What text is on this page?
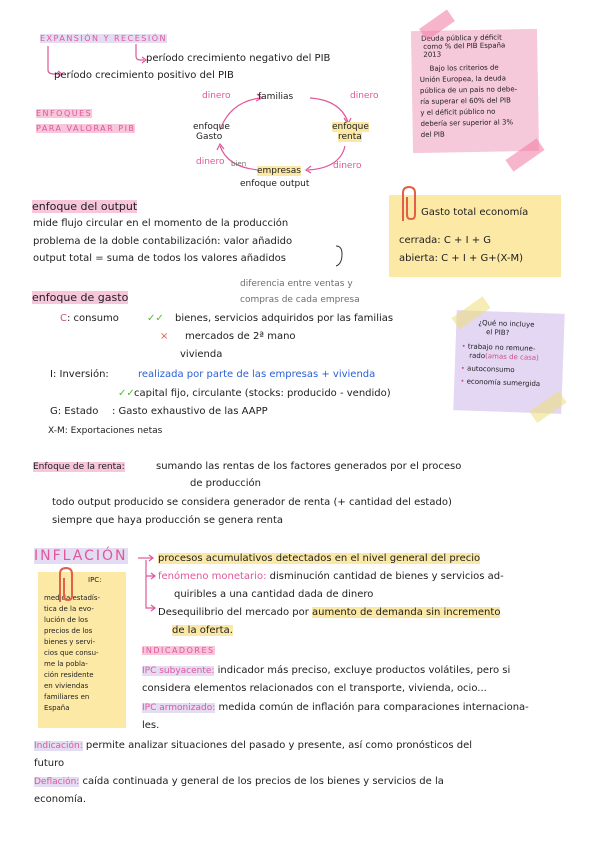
EXPANSIÓN Y RECESIÓN
período crecimiento negativo del PIB
período crecimiento positivo del PIB
ENFOQUES
PARA VALORAR PIB
dinero	familias	dinero
enfoque
Gasto
enfoque
renta
dinero bien
empresas	dinero
enfoque output
Deuda pública y déficit
como % del PIB España
2013
Bajo los criterios de
Unión Europea, la deuda
pública de un país no debe-
ría superar el 60% del PIB
y el déficit público no
debería ser superior al 3%
del PIB
Gasto total economía
cerrada: C + I + G
abierta: C + I + G+(X-M)
enfoque del output
mide flujo circular en el momento de la producción
problema de la doble contabilización: valor añadido
output total = suma de todos los valores añadidos
diferencia entre ventas y
compras de cada empresa
enfoque de gasto
C: consumo	✓✓ bienes, servicios adquiridos por las familias
× mercados de 2ª mano
vivienda
I: Inversión:	realizada por parte de las empresas + vivienda
✓✓ capital fijo, circulante (stocks: producido - vendido)
G: Estado : Gasto exhaustivo de las AAPP
X-M: Exportaciones netas
¿Qué no incluye
el PIB?
• trabajo no remune-
rado(amas de casa)
• autoconsumo
• economía sumergida
Enfoque de la renta:	sumando las rentas de los factores generados por el proceso
de producción
todo output producido se considera generador de renta (+ cantidad del estado)
siempre que haya producción se genera renta
INFLACIÓN	procesos acumulativos detectados en el nivel general del precio
fenómeno monetario: disminución cantidad de bienes y servicios ad-
quiribles a una cantidad dada de dinero
Desequilibrio del mercado por aumento de demanda sin incremento
de la oferta.
IPC:
medida estadís-
tica de la evo-
lución de los
precios de los
bienes y servi-
cios que consu-
me la pobla-
ción residente
en viviendas
familiares en
España
INDICADORES
IPC subyacente: indicador más preciso, excluye productos volátiles, pero si
considera elementos relacionados con el transporte, vivienda, ocio...
IPC armonizado: medida común de inflación para comparaciones internaciona-
les.
Indicación: permite analizar situaciones del pasado y presente, así como pronósticos del
futuro
Deflación: caída continuada y general de los precios de los bienes y servicios de la
economía.
